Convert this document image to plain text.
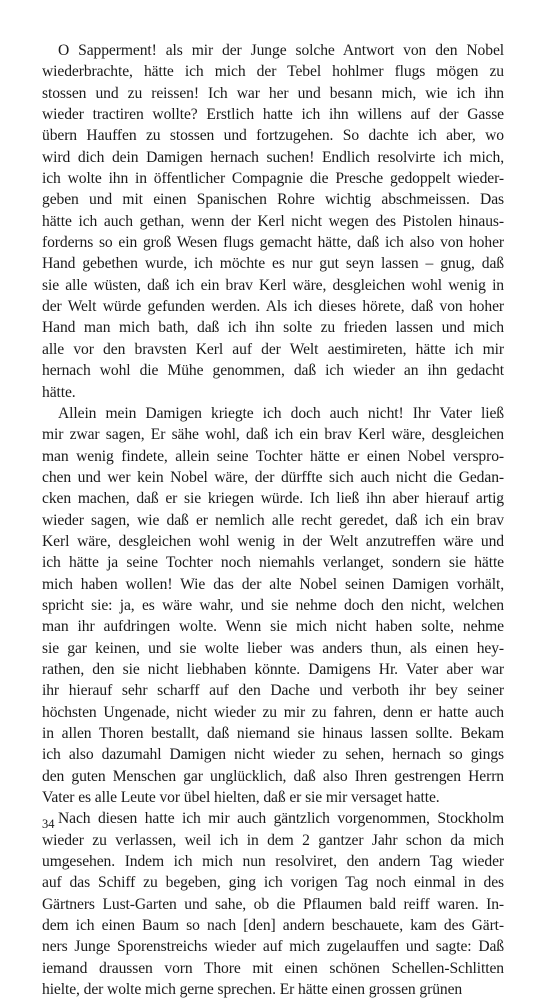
O Sapperment! als mir der Junge solche Antwort von den Nobel
wiederbrachte, hätte ich mich der Tebel hohlmer flugs mögen zu
stossen und zu reissen! Ich war her und besann mich, wie ich ihn
wieder tractiren wollte? Erstlich hatte ich ihn willens auf der Gasse
übern Hauffen zu stossen und fortzugehen. So dachte ich aber, wo
wird dich dein Damigen hernach suchen! Endlich resolvirte ich mich,
ich wolte ihn in öffentlicher Compagnie die Presche gedoppelt wieder-
geben und mit einen Spanischen Rohre wichtig abschmeissen. Das
hätte ich auch gethan, wenn der Kerl nicht wegen des Pistolen hinaus-
forderns so ein groß Wesen flugs gemacht hätte, daß ich also von hoher
Hand gebethen wurde, ich möchte es nur gut seyn lassen – gnug, daß
sie alle wüsten, daß ich ein brav Kerl wäre, desgleichen wohl wenig in
der Welt würde gefunden werden. Als ich dieses hörete, daß von hoher
Hand man mich bath, daß ich ihn solte zu frieden lassen und mich
alle vor den bravsten Kerl auf der Welt aestimireten, hätte ich mir
hernach wohl die Mühe genommen, daß ich wieder an ihn gedacht
hätte.
Allein mein Damigen kriegte ich doch auch nicht! Ihr Vater ließ
mir zwar sagen, Er sähe wohl, daß ich ein brav Kerl wäre, desgleichen
man wenig findete, allein seine Tochter hätte er einen Nobel verspro-
chen und wer kein Nobel wäre, der dürffte sich auch nicht die Gedan-
cken machen, daß er sie kriegen würde. Ich ließ ihn aber hierauf artig
wieder sagen, wie daß er nemlich alle recht geredet, daß ich ein brav
Kerl wäre, desgleichen wohl wenig in der Welt anzutreffen wäre und
ich hätte ja seine Tochter noch niemahls verlanget, sondern sie hätte
mich haben wollen! Wie das der alte Nobel seinen Damigen vorhält,
spricht sie: ja, es wäre wahr, und sie nehme doch den nicht, welchen
man ihr aufdringen wolte. Wenn sie mich nicht haben solte, nehme
sie gar keinen, und sie wolte lieber was anders thun, als einen hey-
rathen, den sie nicht liebhaben könnte. Damigens Hr. Vater aber war
ihr hierauf sehr scharff auf den Dache und verboth ihr bey seiner
höchsten Ungenade, nicht wieder zu mir zu fahren, denn er hatte auch
in allen Thoren bestallt, daß niemand sie hinaus lassen sollte. Bekam
ich also dazumahl Damigen nicht wieder zu sehen, hernach so gings
den guten Menschen gar unglücklich, daß also Ihren gestrengen Herrn
Vater es alle Leute vor übel hielten, daß er sie mir versaget hatte.
Nach diesen hatte ich mir auch gäntzlich vorgenommen, Stockholm
wieder zu verlassen, weil ich in dem 2 gantzer Jahr schon da mich
umgesehen. Indem ich mich nun resolviret, den andern Tag wieder
auf das Schiff zu begeben, ging ich vorigen Tag noch einmal in des
Gärtners Lust-Garten und sahe, ob die Pflaumen bald reiff waren. In-
dem ich einen Baum so nach [den] andern beschauete, kam des Gärt-
ners Junge Sporenstreichs wieder auf mich zugelauffen und sagte: Daß
iemand draussen vorn Thore mit einen schönen Schellen-Schlitten
hielte, der wolte mich gerne sprechen. Er hätte einen grossen grünen
34
